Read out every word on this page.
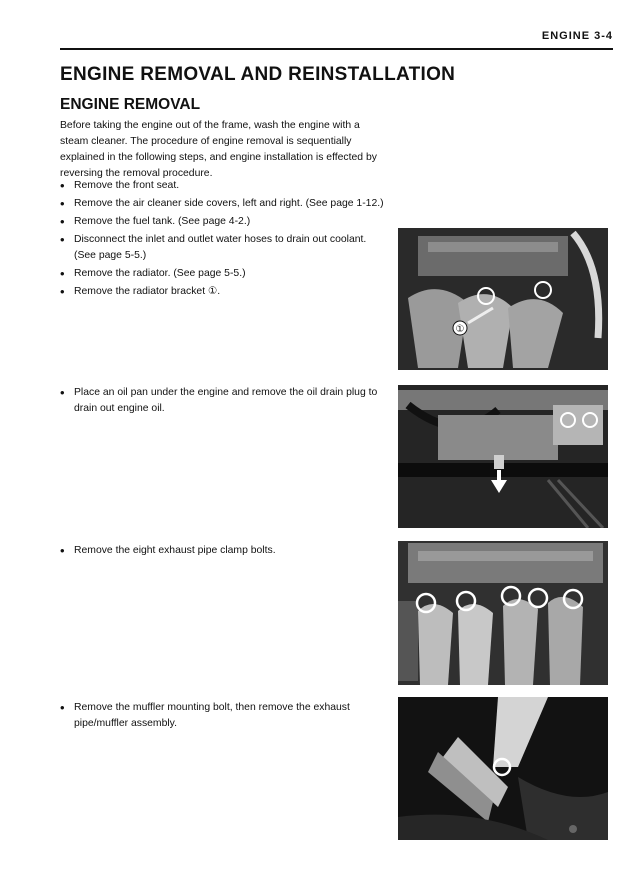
ENGINE 3-4
ENGINE REMOVAL AND REINSTALLATION
ENGINE REMOVAL

Before taking the engine out of the frame, wash the engine with a steam cleaner. The procedure of engine removal is sequentially explained in the following steps, and engine installation is effected by reversing the removal procedure.

• Remove the front seat.
• Remove the air cleaner side covers, left and right. (See page 1-12.)
• Remove the fuel tank. (See page 4-2.)
• Disconnect the inlet and outlet water hoses to drain out coolant. (See page 5-5.)
• Remove the radiator. (See page 5-5.)
• Remove the radiator bracket ①.
• Place an oil pan under the engine and remove the oil drain plug to drain out engine oil.
• Remove the eight exhaust pipe clamp bolts.
• Remove the muffler mounting bolt, then remove the exhaust pipe/muffler assembly.
①
